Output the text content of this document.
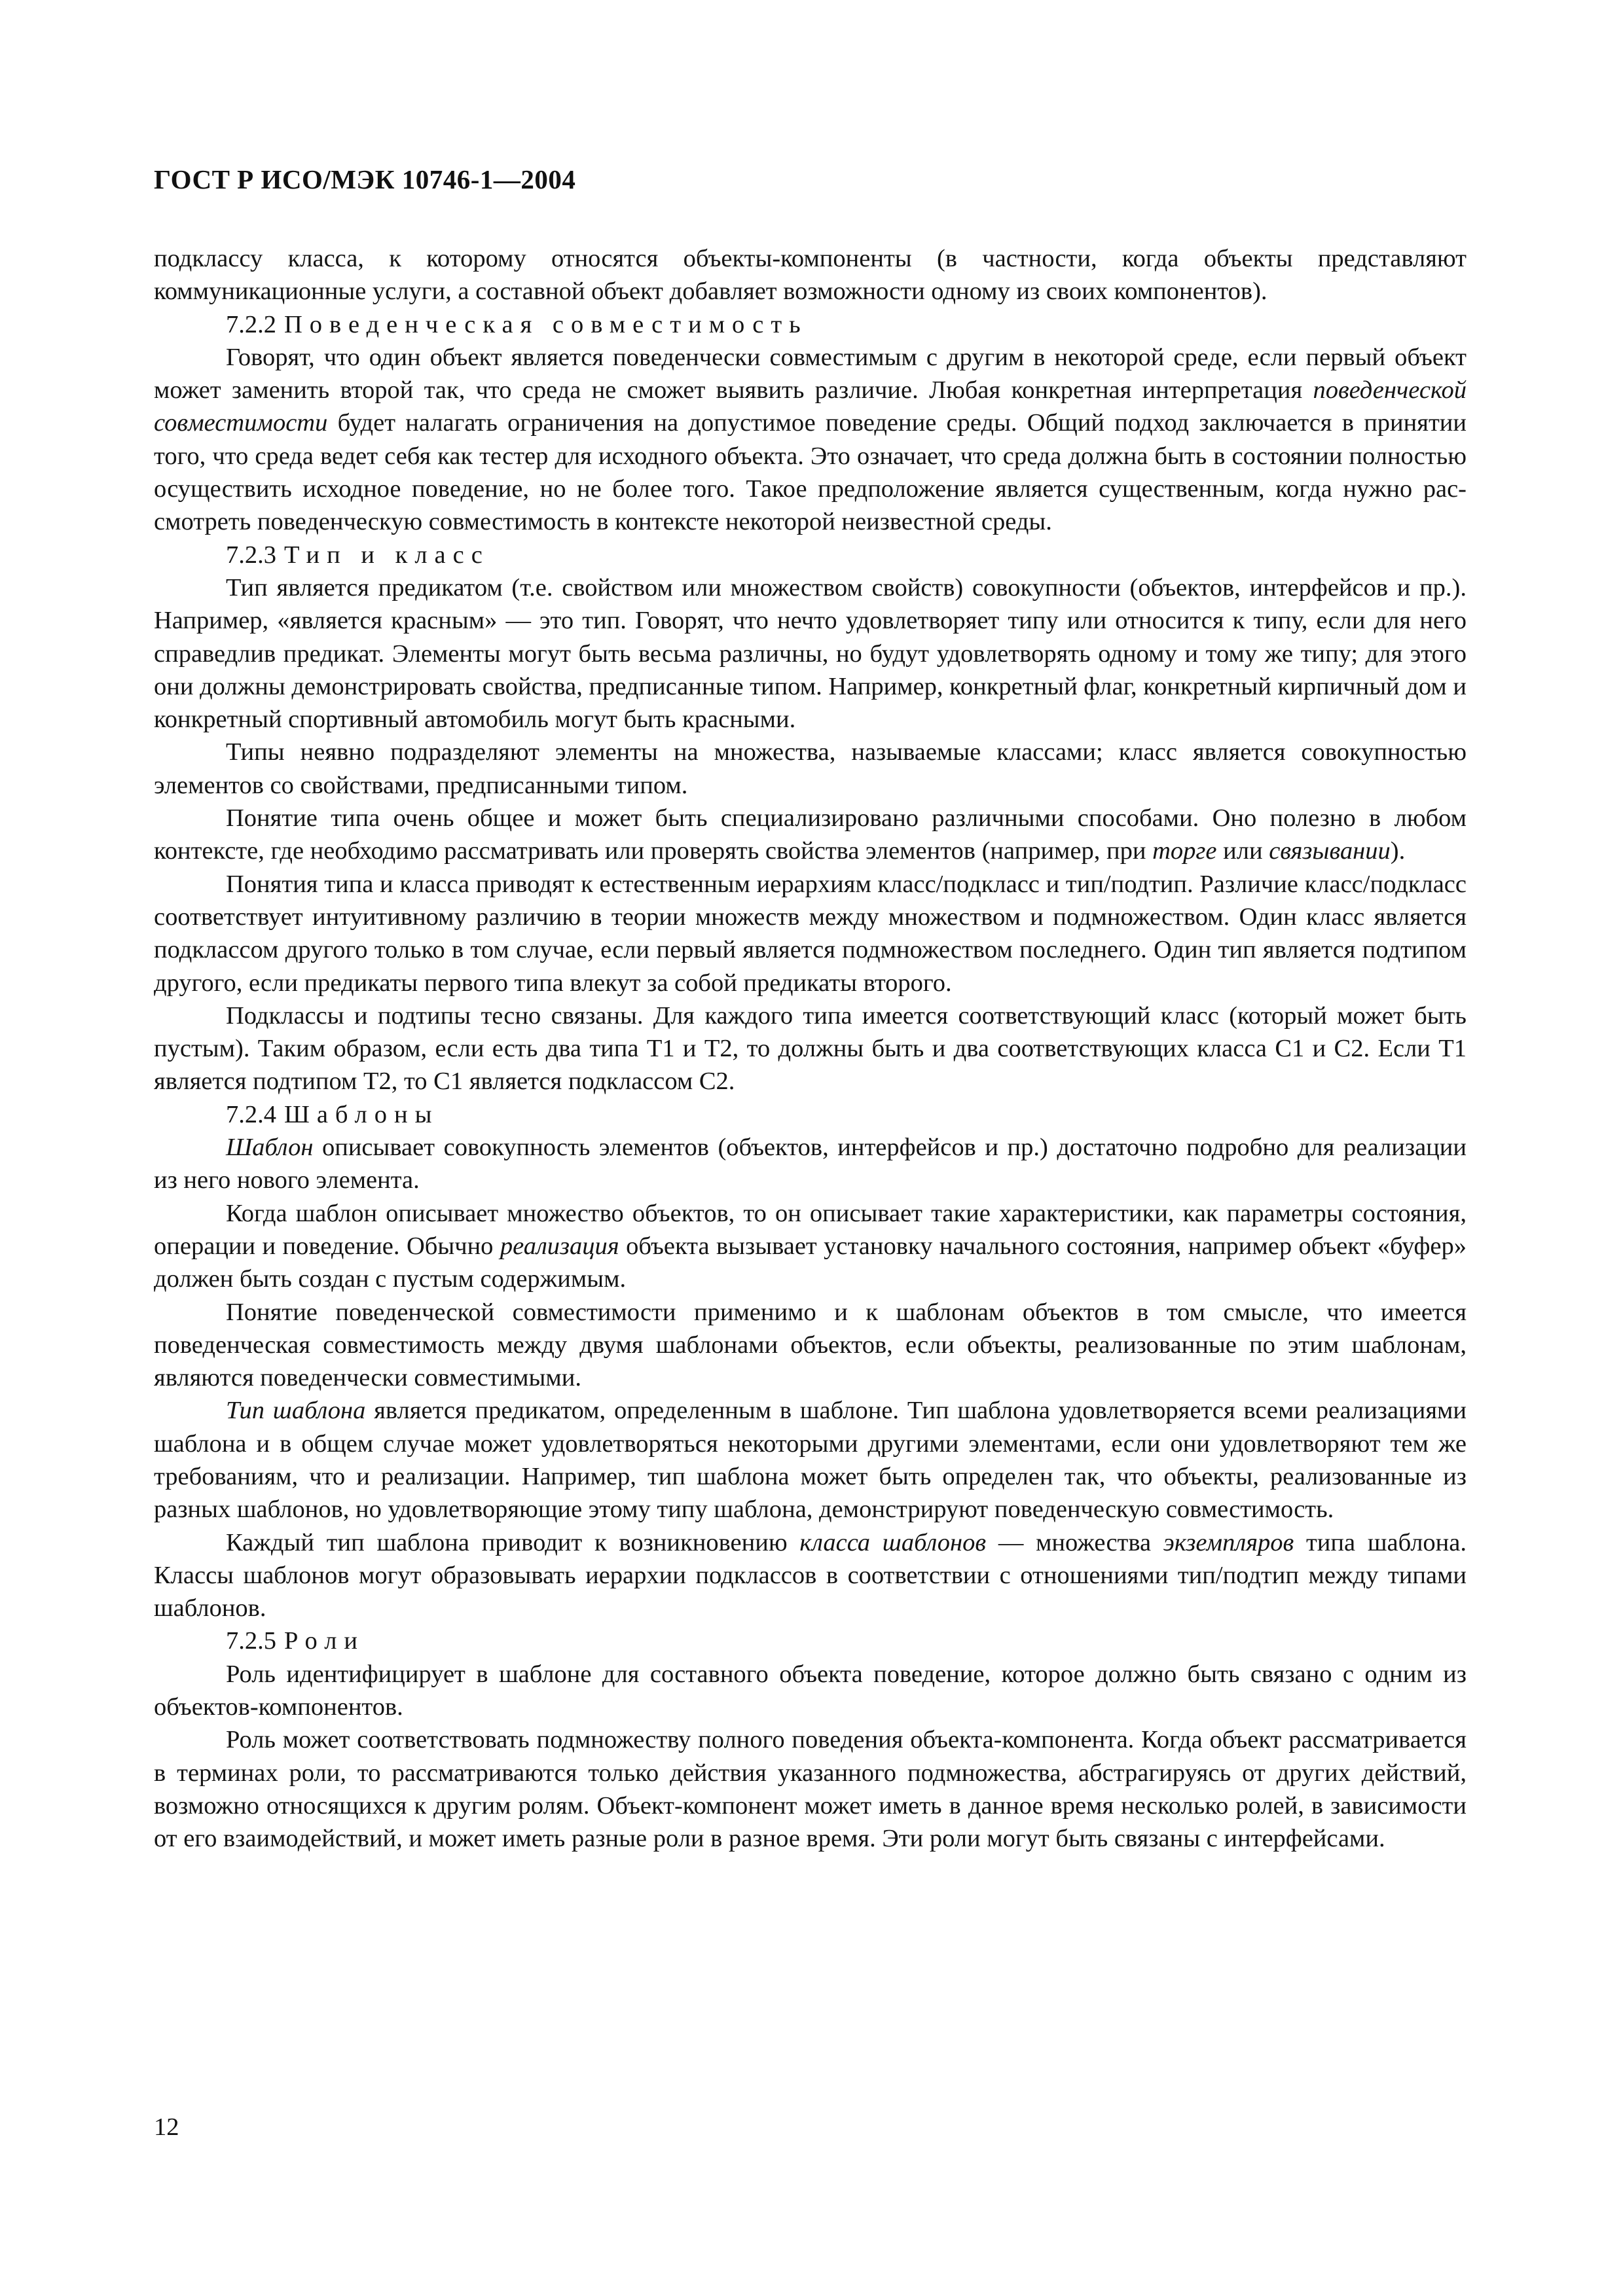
ГОСТ Р ИСО/МЭК 10746-1—2004

подклассу класса, к которому относятся объекты-компоненты (в частности, когда объекты представляют коммуникационные услуги, а составной объект добавляет возможности одному из своих компонентов).

7.2.2 Поведенческая совместимость

Говорят, что один объект является поведенчески совместимым с другим в некоторой среде, если первый объект может заменить второй так, что среда не сможет выявить различие. Любая конкретная интерпретация поведенческой совместимости будет налагать ограничения на допустимое поведение среды. Общий подход заключается в принятии того, что среда ведет себя как тестер для исходного объекта. Это означает, что среда должна быть в состоянии полностью осуществить исходное поведение, но не более того. Такое предположение является существенным, когда нужно рассмотреть поведенческую совместимость в контексте некоторой неизвестной среды.

7.2.3 Тип и класс

Тип является предикатом (т.е. свойством или множеством свойств) совокупности (объектов, интерфейсов и пр.). Например, «является красным» — это тип. Говорят, что нечто удовлетворяет типу или относится к типу, если для него справедлив предикат. Элементы могут быть весьма различны, но будут удовлетворять одному и тому же типу; для этого они должны демонстрировать свойства, предписанные типом. Например, конкретный флаг, конкретный кирпичный дом и конкретный спортивный автомобиль могут быть красными.

Типы неявно подразделяют элементы на множества, называемые классами; класс является совокупностью элементов со свойствами, предписанными типом.

Понятие типа очень общее и может быть специализировано различными способами. Оно полезно в любом контексте, где необходимо рассматривать или проверять свойства элементов (например, при торге или связывании).

Понятия типа и класса приводят к естественным иерархиям класс/подкласс и тип/подтип. Различие класс/подкласс соответствует интуитивному различию в теории множеств между множеством и подмножеством. Один класс является подклассом другого только в том случае, если первый является подмножеством последнего. Один тип является подтипом другого, если предикаты первого типа влекут за собой предикаты второго.

Подклассы и подтипы тесно связаны. Для каждого типа имеется соответствующий класс (который может быть пустым). Таким образом, если есть два типа Т1 и Т2, то должны быть и два соответствующих класса С1 и С2. Если Т1 является подтипом Т2, то С1 является подклассом С2.

7.2.4 Шаблоны

Шаблон описывает совокупность элементов (объектов, интерфейсов и пр.) достаточно подробно для реализации из него нового элемента.

Когда шаблон описывает множество объектов, то он описывает такие характеристики, как параметры состояния, операции и поведение. Обычно реализация объекта вызывает установку начального состояния, например объект «буфер» должен быть создан с пустым содержимым.

Понятие поведенческой совместимости применимо и к шаблонам объектов в том смысле, что имеется поведенческая совместимость между двумя шаблонами объектов, если объекты, реализованные по этим шаблонам, являются поведенчески совместимыми.

Тип шаблона является предикатом, определенным в шаблоне. Тип шаблона удовлетворяется всеми реализациями шаблона и в общем случае может удовлетворяться некоторыми другими элементами, если они удовлетворяют тем же требованиям, что и реализации. Например, тип шаблона может быть определен так, что объекты, реализованные из разных шаблонов, но удовлетворяющие этому типу шаблона, демонстрируют поведенческую совместимость.

Каждый тип шаблона приводит к возникновению класса шаблонов — множества экземпляров типа шаблона. Классы шаблонов могут образовывать иерархии подклассов в соответствии с отношениями тип/подтип между типами шаблонов.

7.2.5 Роли

Роль идентифицирует в шаблоне для составного объекта поведение, которое должно быть связано с одним из объектов-компонентов.

Роль может соответствовать подмножеству полного поведения объекта-компонента. Когда объект рассматривается в терминах роли, то рассматриваются только действия указанного подмножества, абстрагируясь от других действий, возможно относящихся к другим ролям. Объект-компонент может иметь в данное время несколько ролей, в зависимости от его взаимодействий, и может иметь разные роли в разное время. Эти роли могут быть связаны с интерфейсами.

12
